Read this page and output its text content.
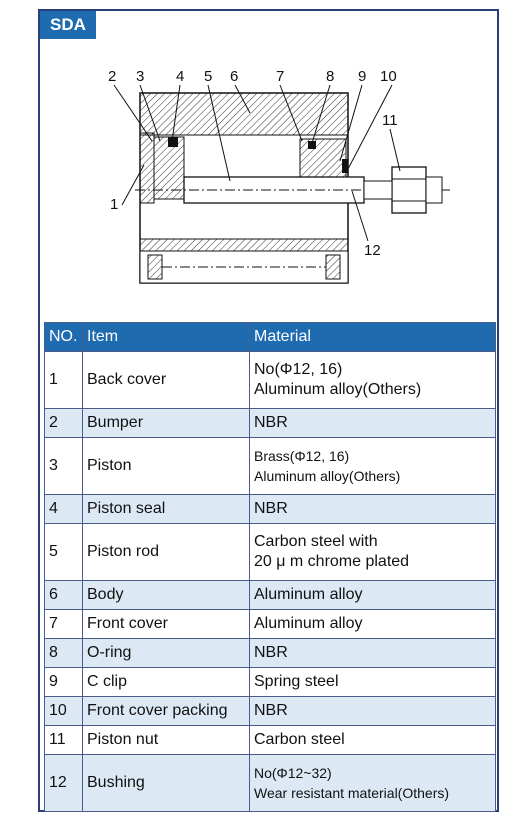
SDA
2 3 4 5 6	7	8 9 10
11
1
12
NO.	Item	Material
1	Back cover	No(Φ12, 16)
Aluminum alloy(Others)

2	Bumper	NBR
3	Piston	Brass(Φ12, 16)
Aluminum alloy(Others)

4	Piston seal	NBR
5	Piston rod	Carbon steel with
20 μ m chrome plated

6	Body	Aluminum alloy
7	Front cover	Aluminum alloy
8	O-ring	NBR
9	C clip	Spring steel
10	Front cover packing	NBR
11	Piston nut	Carbon steel
12	Bushing	No(Φ12~32)
Wear resistant material(Others)
